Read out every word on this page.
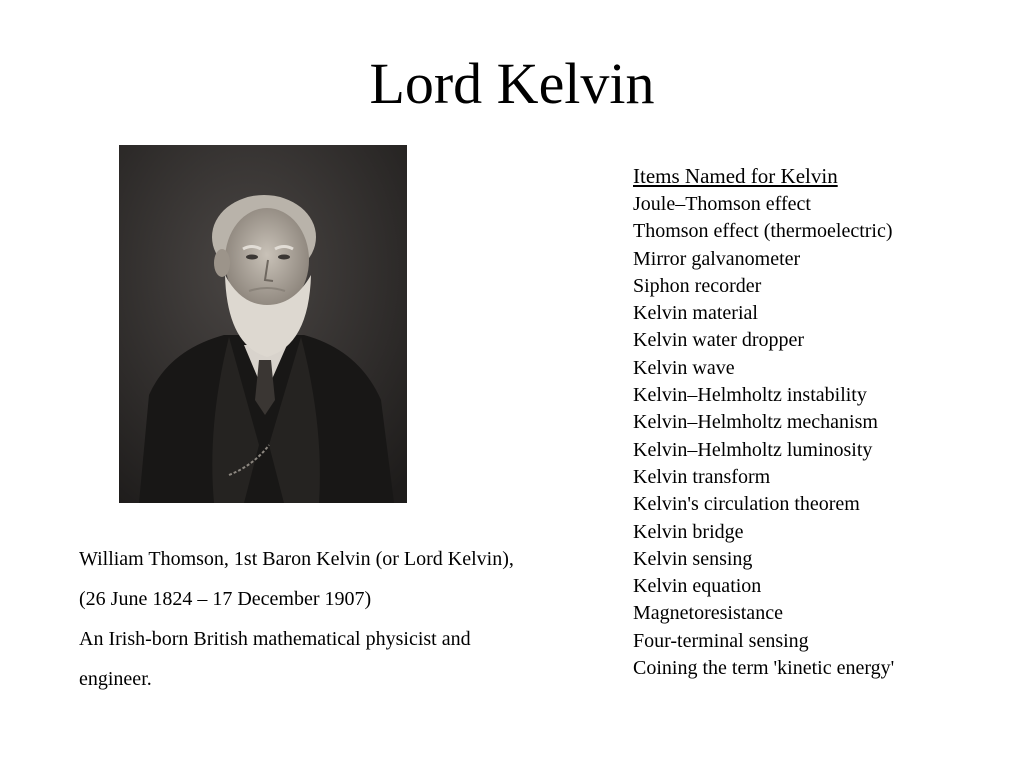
Lord Kelvin

William Thomson, 1st Baron Kelvin (or Lord Kelvin),

(26 June 1824 – 17 December 1907)

An Irish-born British mathematical physicist and

engineer.

Items Named for Kelvin

Joule–Thomson effect
Thomson effect (thermoelectric)
Mirror galvanometer
Siphon recorder
Kelvin material
Kelvin water dropper
Kelvin wave
Kelvin–Helmholtz instability
Kelvin–Helmholtz mechanism
Kelvin–Helmholtz luminosity
Kelvin transform
Kelvin's circulation theorem
Kelvin bridge
Kelvin sensing
Kelvin equation
Magnetoresistance
Four-terminal sensing
Coining the term 'kinetic energy'
